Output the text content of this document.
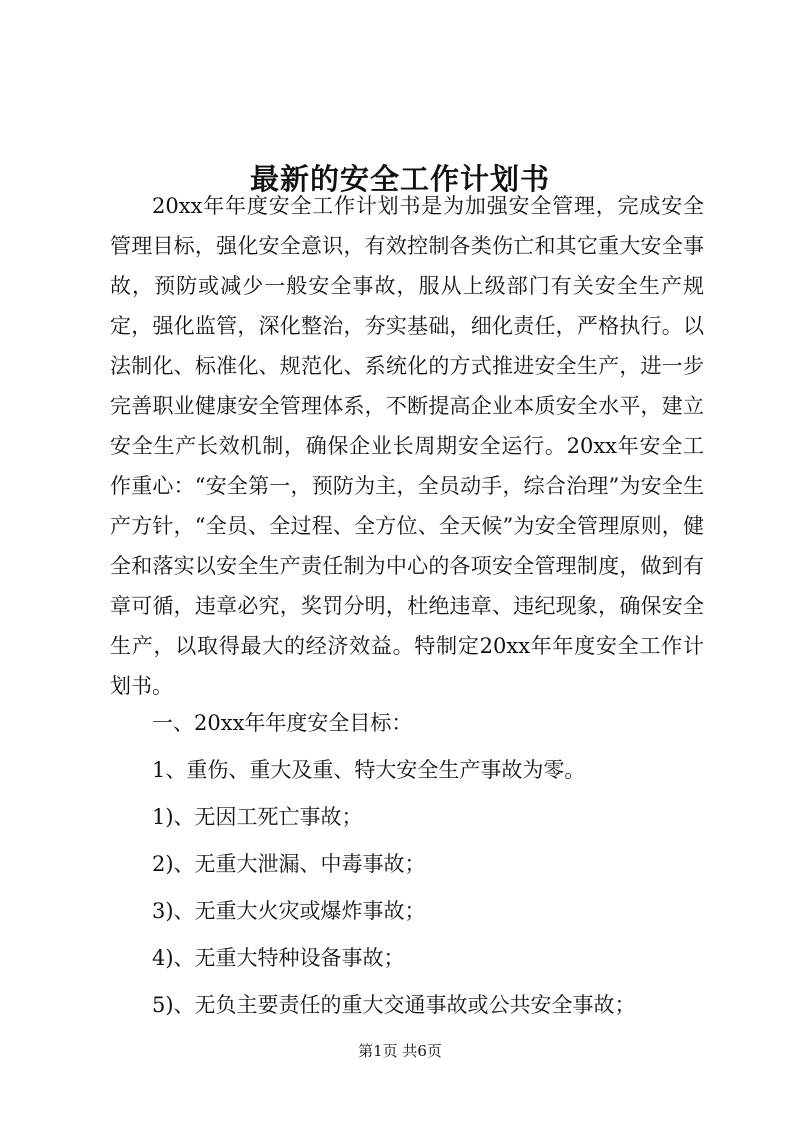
最新的安全工作计划书

20xx年年度安全工作计划书是为加强安全管理，完成安全管理目标，强化安全意识，有效控制各类伤亡和其它重大安全事故，预防或减少一般安全事故，服从上级部门有关安全生产规定，强化监管，深化整治，夯实基础，细化责任，严格执行。以法制化、标准化、规范化、系统化的方式推进安全生产，进一步完善职业健康安全管理体系，不断提高企业本质安全水平，建立安全生产长效机制，确保企业长周期安全运行。20xx年安全工作重心：“安全第一，预防为主，全员动手，综合治理”为安全生产方针，“全员、全过程、全方位、全天候”为安全管理原则，健全和落实以安全生产责任制为中心的各项安全管理制度，做到有章可循，违章必究，奖罚分明，杜绝违章、违纪现象，确保安全生产，以取得最大的经济效益。特制定20xx年年度安全工作计划书。

一、20xx年年度安全目标：
1、重伤、重大及重、特大安全生产事故为零。
1)、无因工死亡事故；
2)、无重大泄漏、中毒事故；
3)、无重大火灾或爆炸事故；
4)、无重大特种设备事故；
5)、无负主要责任的重大交通事故或公共安全事故；
第1页 共6页
